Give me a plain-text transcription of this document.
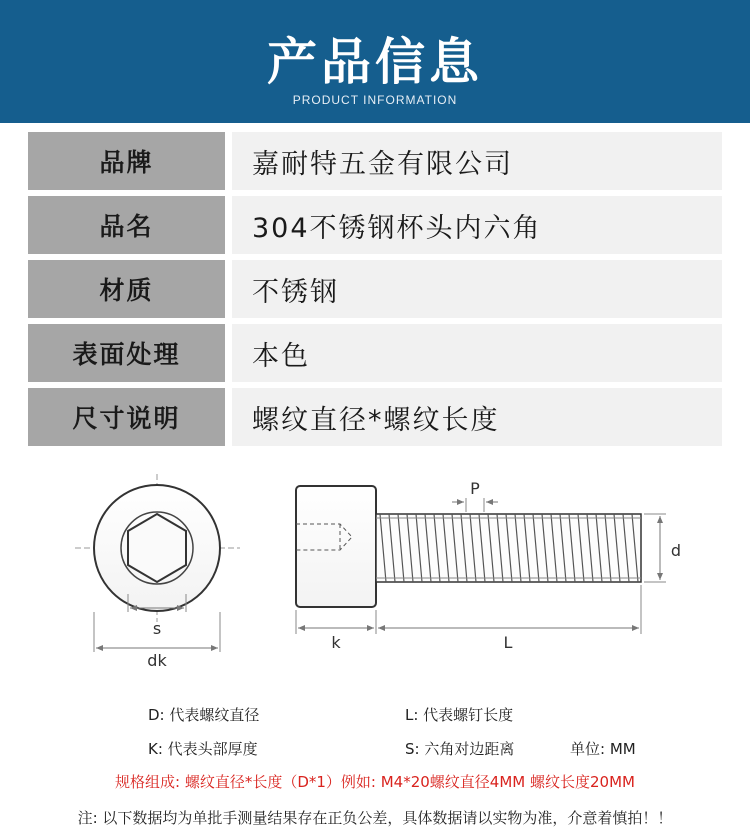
产品信息
PRODUCT INFORMATION
品牌	嘉耐特五金有限公司
品名	304不锈钢杯头内六角
材质	不锈钢
表面处理	本色
尺寸说明	螺纹直径*螺纹长度
s
dk
P
d
k	L
D: 代表螺纹直径	L: 代表螺钉长度
K: 代表头部厚度	S: 六角对边距离	单位: MM
规格组成: 螺纹直径*长度（D*1）例如: M4*20螺纹直径4MM 螺纹长度20MM
注: 以下数据均为单批手测量结果存在正负公差，具体数据请以实物为准，介意着慎拍！！
